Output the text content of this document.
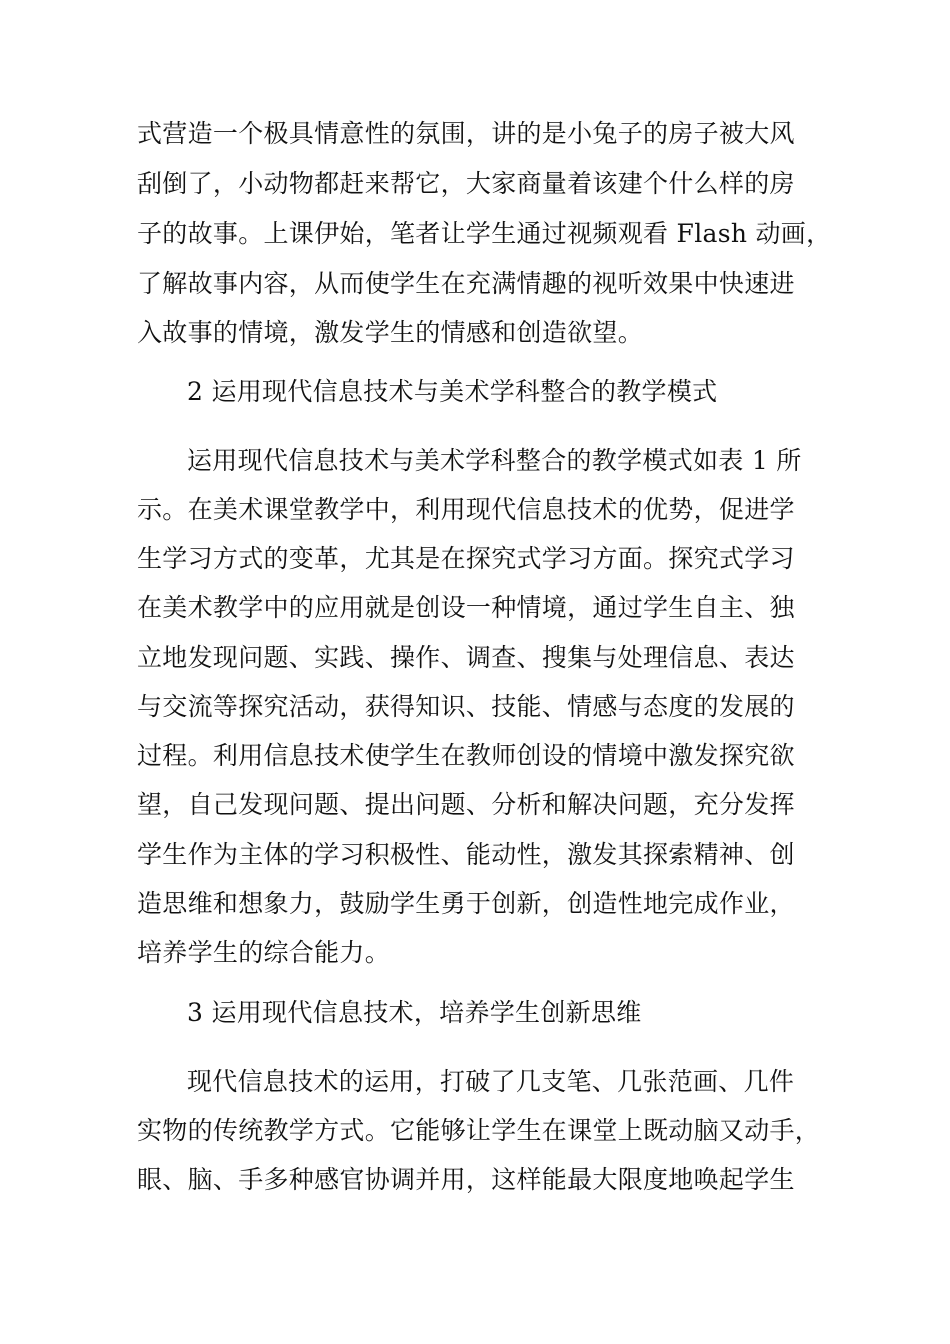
式营造一个极具情意性的氛围，讲的是小兔子的房子被大风
刮倒了，小动物都赶来帮它，大家商量着该建个什么样的房
子的故事。上课伊始，笔者让学生通过视频观看 Flash 动画，
了解故事内容，从而使学生在充满情趣的视听效果中快速进
入故事的情境，激发学生的情感和创造欲望。
2 运用现代信息技术与美术学科整合的教学模式
运用现代信息技术与美术学科整合的教学模式如表 1 所
示。在美术课堂教学中，利用现代信息技术的优势，促进学
生学习方式的变革，尤其是在探究式学习方面。探究式学习
在美术教学中的应用就是创设一种情境，通过学生自主、独
立地发现问题、实践、操作、调查、搜集与处理信息、表达
与交流等探究活动，获得知识、技能、情感与态度的发展的
过程。利用信息技术使学生在教师创设的情境中激发探究欲
望，自己发现问题、提出问题、分析和解决问题，充分发挥
学生作为主体的学习积极性、能动性，激发其探索精神、创
造思维和想象力，鼓励学生勇于创新，创造性地完成作业，
培养学生的综合能力。
3 运用现代信息技术，培养学生创新思维
现代信息技术的运用，打破了几支笔、几张范画、几件
实物的传统教学方式。它能够让学生在课堂上既动脑又动手，
眼、脑、手多种感官协调并用，这样能最大限度地唤起学生
